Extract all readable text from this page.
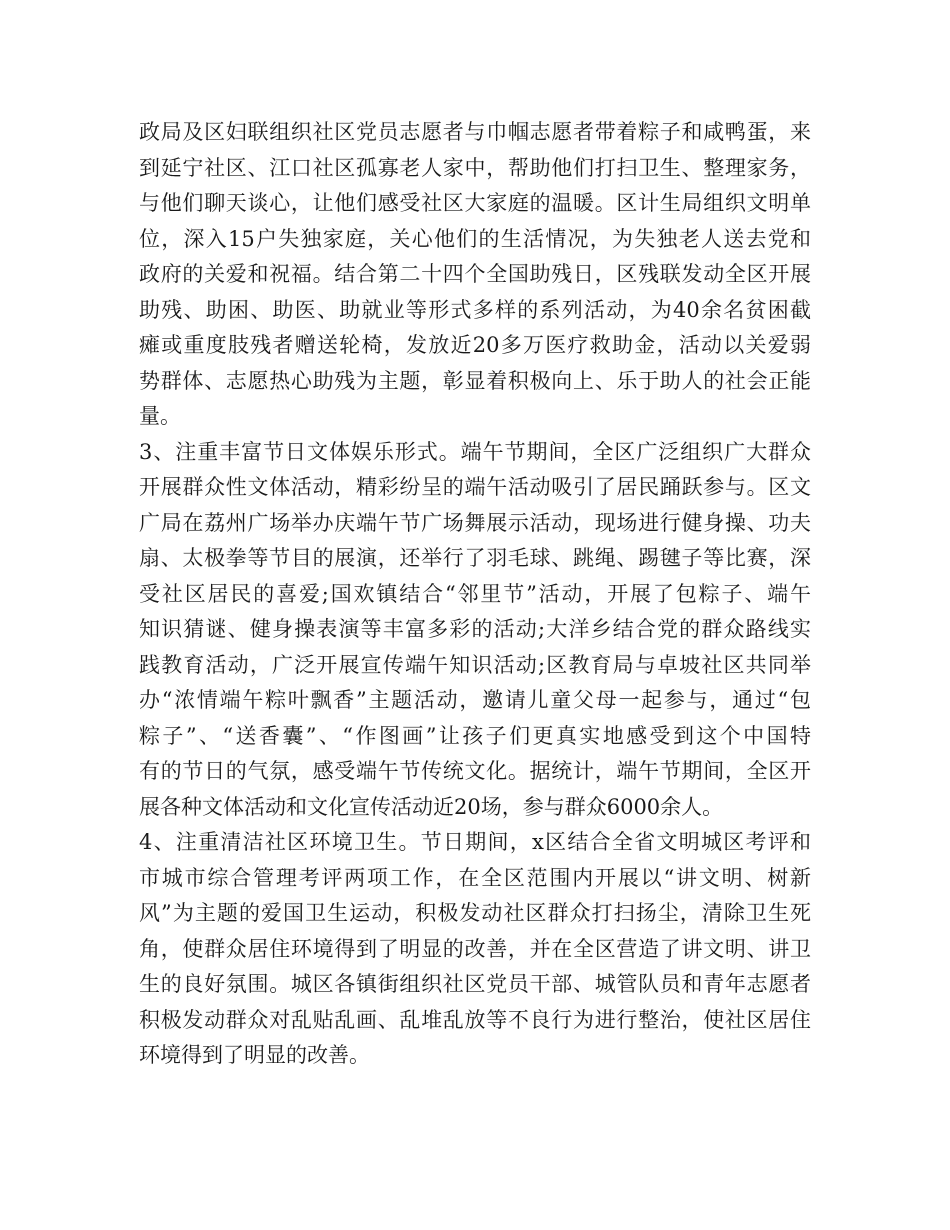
政局及区妇联组织社区党员志愿者与巾帼志愿者带着粽子和咸鸭蛋，来
到延宁社区、江口社区孤寡老人家中，帮助他们打扫卫生、整理家务，
与他们聊天谈心，让他们感受社区大家庭的温暖。区计生局组织文明单
位，深入15户失独家庭，关心他们的生活情况，为失独老人送去党和
政府的关爱和祝福。结合第二十四个全国助残日，区残联发动全区开展
助残、助困、助医、助就业等形式多样的系列活动，为40余名贫困截
瘫或重度肢残者赠送轮椅，发放近20多万医疗救助金，活动以关爱弱
势群体、志愿热心助残为主题，彰显着积极向上、乐于助人的社会正能
量。
3、注重丰富节日文体娱乐形式。端午节期间，全区广泛组织广大群众
开展群众性文体活动，精彩纷呈的端午活动吸引了居民踊跃参与。区文
广局在荔州广场举办庆端午节广场舞展示活动，现场进行健身操、功夫
扇、太极拳等节目的展演，还举行了羽毛球、跳绳、踢毽子等比赛，深
受社区居民的喜爱;国欢镇结合“邻里节”活动，开展了包粽子、端午
知识猜谜、健身操表演等丰富多彩的活动;大洋乡结合党的群众路线实
践教育活动，广泛开展宣传端午知识活动;区教育局与卓坡社区共同举
办“浓情端午粽叶飘香”主题活动，邀请儿童父母一起参与，通过“包
粽子”、“送香囊”、“作图画”让孩子们更真实地感受到这个中国特
有的节日的气氛，感受端午节传统文化。据统计，端午节期间，全区开
展各种文体活动和文化宣传活动近20场，参与群众6000余人。
4、注重清洁社区环境卫生。节日期间，x区结合全省文明城区考评和
市城市综合管理考评两项工作，在全区范围内开展以“讲文明、树新
风”为主题的爱国卫生运动，积极发动社区群众打扫扬尘，清除卫生死
角，使群众居住环境得到了明显的改善，并在全区营造了讲文明、讲卫
生的良好氛围。城区各镇街组织社区党员干部、城管队员和青年志愿者
积极发动群众对乱贴乱画、乱堆乱放等不良行为进行整治，使社区居住
环境得到了明显的改善。
